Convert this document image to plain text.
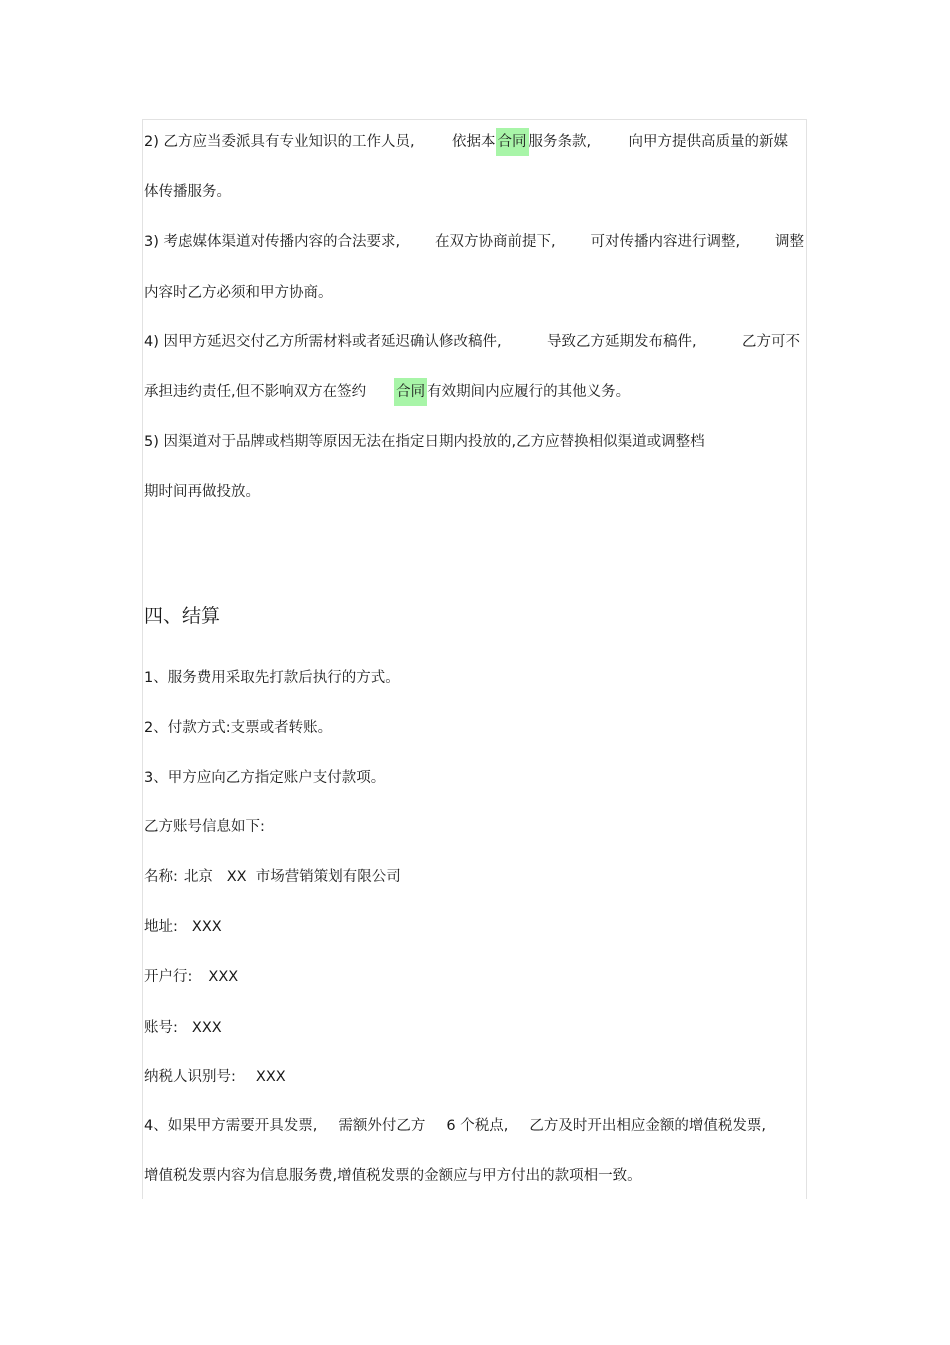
2) 乙方应当委派具有专业知识的工作人员,	依据本 合同 服务条款,	向甲方提供高质量的新媒
体传播服务。
3) 考虑媒体渠道对传播内容的合法要求, 在双方协商前提下, 可对传播内容进行调整, 调整
内容时乙方必须和甲方协商。
4) 因甲方延迟交付乙方所需材料或者延迟确认修改稿件,	导致乙方延期发布稿件,	乙方可不
承担违约责任,但不影响双方在签约 合同 有效期间内应履行的其他义务。
5) 因渠道对于品牌或档期等原因无法在指定日期内投放的,乙方应替换相似渠道或调整档
期时间再做投放。
四、结算
1、服务费用采取先打款后执行的方式。
2、付款方式:支票或者转账。
3、甲方应向乙方指定账户支付款项。
乙方账号信息如下:
名称: 北京   XX  市场营销策划有限公司
地址: XXX
开户行: XXX
账号: XXX
纳税人识别号: XXX
4、如果甲方需要开具发票, 需额外付乙方 6 个税点, 乙方及时开出相应金额的增值税发票,
增值税发票内容为信息服务费,增值税发票的金额应与甲方付出的款项相一致。
